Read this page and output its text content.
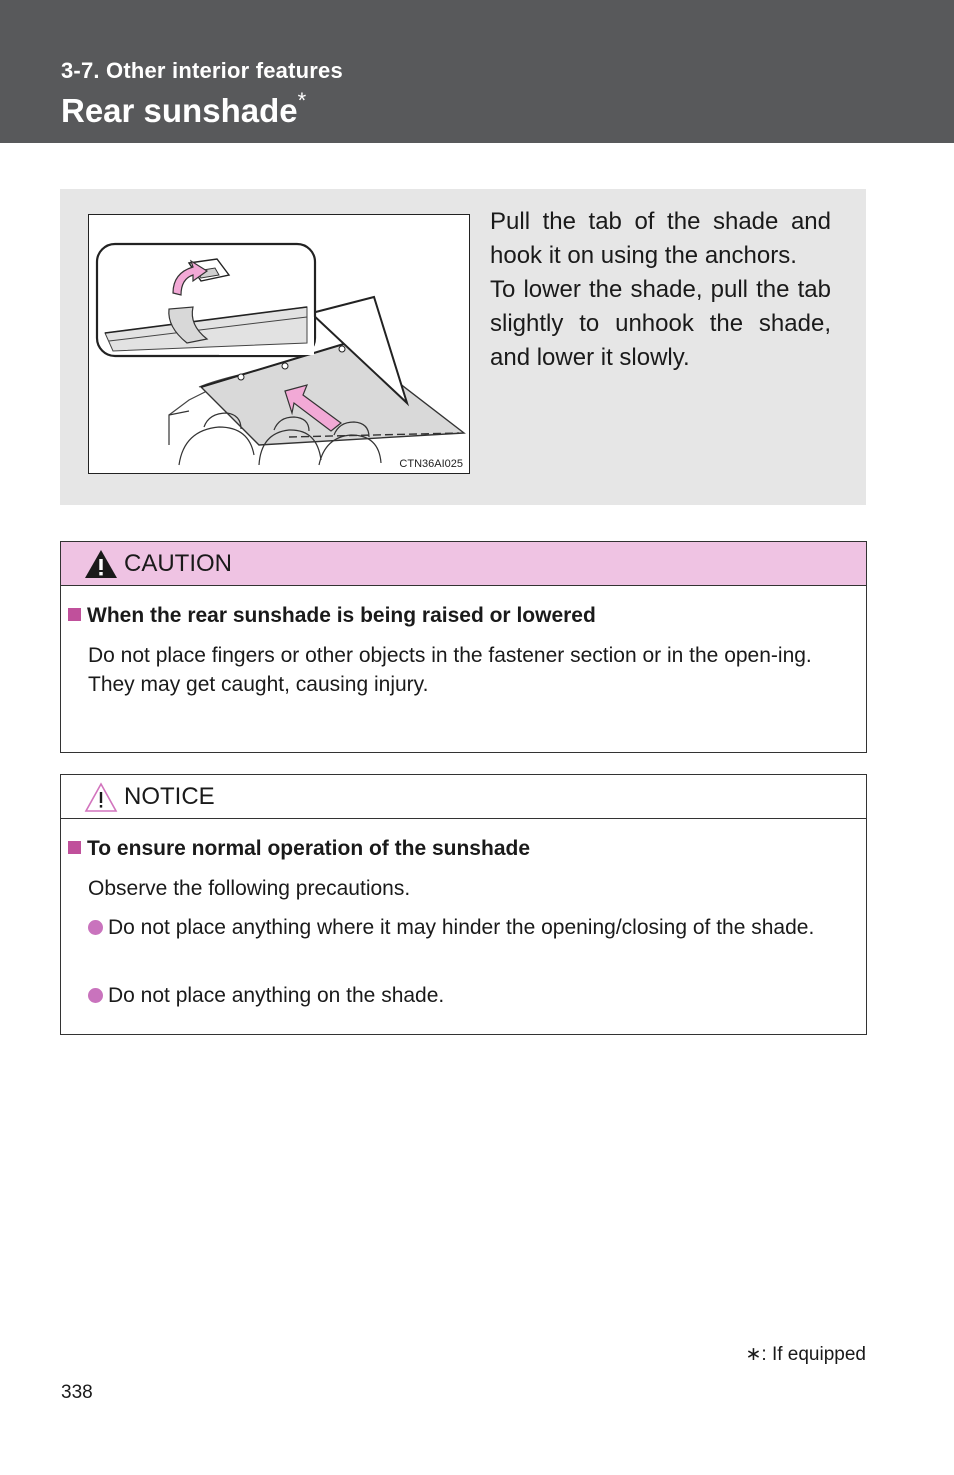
3-7. Other interior features
Rear sunshade*
CTN36AI025

Pull the tab of the shade and hook it on using the anchors.

To lower the shade, pull the tab slightly to unhook the shade, and lower it slowly.

CAUTION
When the rear sunshade is being raised or lowered

Do not place fingers or other objects in the fastener section or in the open-ing.

They may get caught, causing injury.

NOTICE
To ensure normal operation of the sunshade

Observe the following precautions.

Do not place anything where it may hinder the opening/closing of the shade.
Do not place anything on the shade.
∗: If equipped
338
